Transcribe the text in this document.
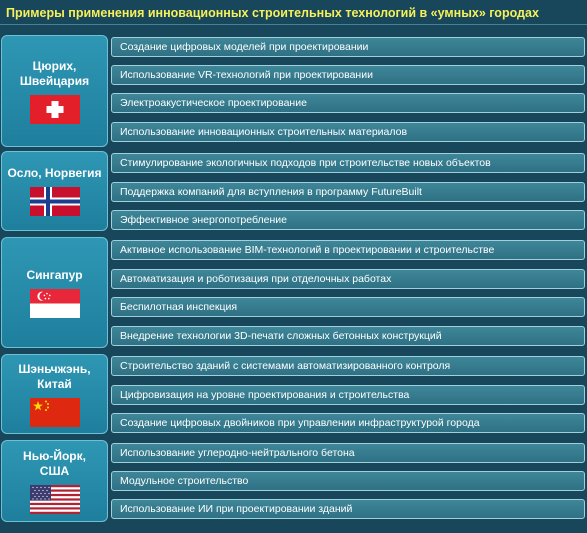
Примеры применения инновационных строительных технологий в «умных» городах
Цюрих,
Швейцария
Создание цифровых моделей при проектировании
Использование VR-технологий при проектировании
Электроакустическое проектирование
Использование инновационных строительных материалов
Осло, Норвегия
Стимулирование экологичных подходов при строительстве новых объектов
Поддержка компаний для вступления в программу FutureBuilt
Эффективное энергопотребление
Сингапур
Активное использование BIM-технологий в проектировании и строительстве
Автоматизация и роботизация при отделочных работах
Беспилотная инспекция
Внедрение технологии 3D-печати сложных бетонных конструкций
Шэньчжэнь,
Китай
Строительство зданий с системами автоматизированного контроля
Цифровизация на уровне проектирования и строительства
Создание цифровых двойников при управлении инфраструктурой города
Нью-Йорк,
США
Использование углеродно-нейтрального бетона
Модульное строительство
Использование ИИ при проектировании зданий
